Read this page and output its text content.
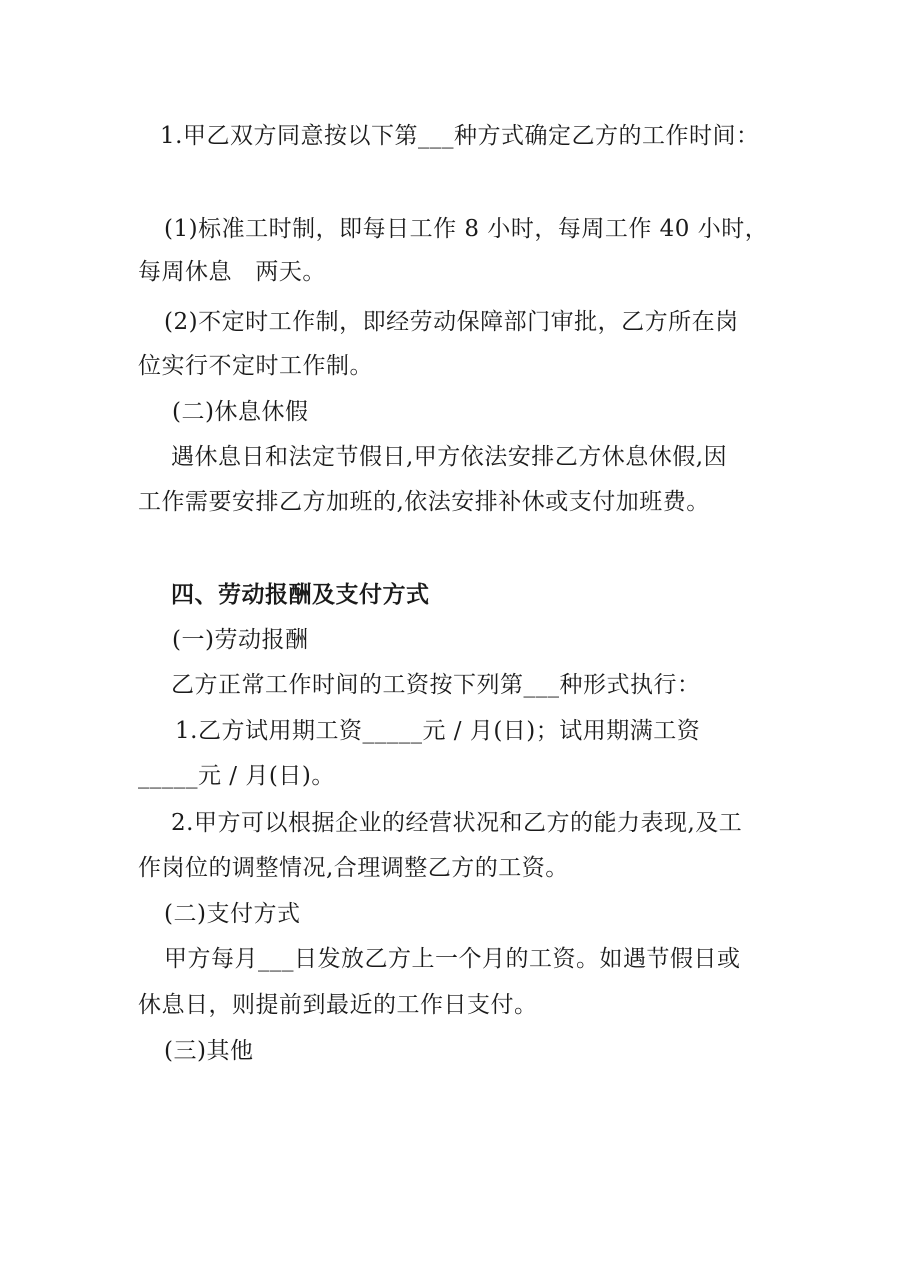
1.甲乙双方同意按以下第___种方式确定乙方的工作时间：
(1)标准工时制，即每日工作 8 小时，每周工作 40 小时，
每周休息   两天。
(2)不定时工作制，即经劳动保障部门审批，乙方所在岗
位实行不定时工作制。
(二)休息休假
遇休息日和法定节假日,甲方依法安排乙方休息休假,因
工作需要安排乙方加班的,依法安排补休或支付加班费。
四、劳动报酬及支付方式
(一)劳动报酬
乙方正常工作时间的工资按下列第___种形式执行：
1.乙方试用期工资_____元 / 月(日)；试用期满工资
_____元 / 月(日)。
2.甲方可以根据企业的经营状况和乙方的能力表现,及工
作岗位的调整情况,合理调整乙方的工资。
(二)支付方式
甲方每月___日发放乙方上一个月的工资。如遇节假日或
休息日，则提前到最近的工作日支付。
(三)其他
